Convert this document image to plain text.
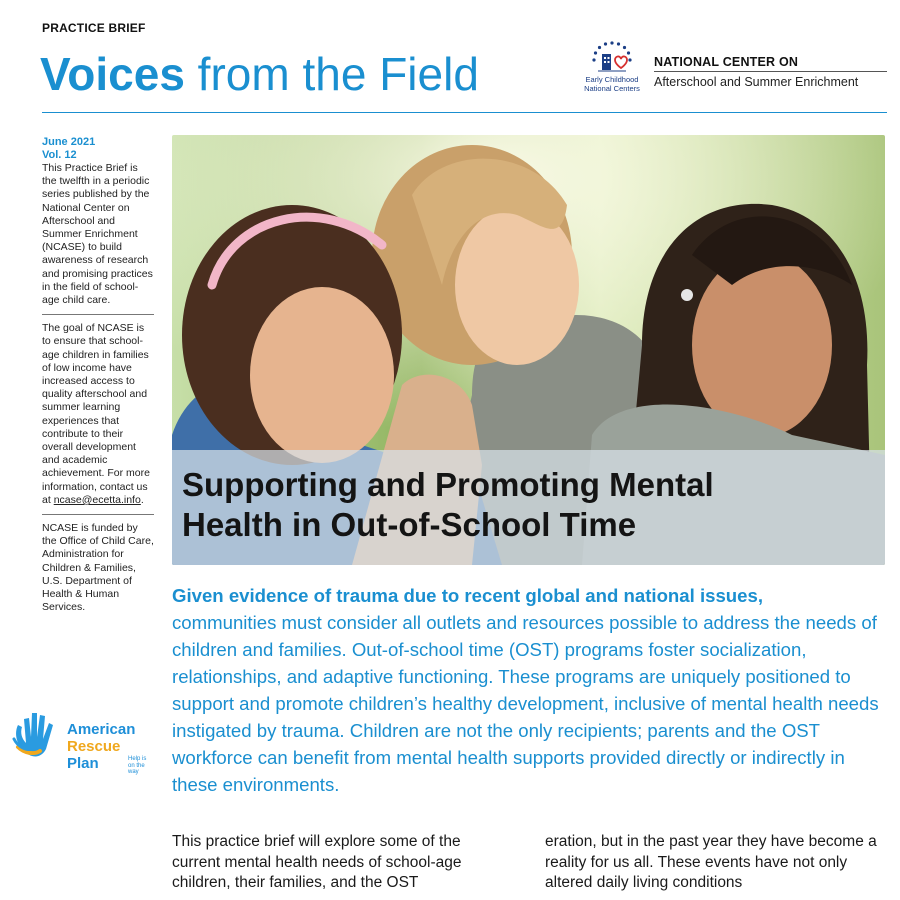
PRACTICE BRIEF
Voices from the Field	Early Childhood
National Centers
NATIONAL CENTER ON
Afterschool and Summer Enrichment
June 2021
Vol. 12

This Practice Brief is the twelfth in a periodic series published by the National Center on Afterschool and Summer Enrichment (NCASE) to build awareness of research and promising practices in the field of school-age child care.

The goal of NCASE is to ensure that school-age children in families of low income have increased access to quality afterschool and summer learning experiences that contribute to their overall development and academic achievement. For more information, contact us at ncase@ecetta.info.

NCASE is funded by the Office of Child Care, Administration for Children & Families, U.S. Department of Health & Human Services.

American
Rescue
Plan	Help is on the way
Supporting and Promoting Mental
Health in Out-of-School Time

Given evidence of trauma due to recent global and national issues,
communities must consider all outlets and resources possible to address the needs of children and families. Out-of-school time (OST) programs foster socialization, relationships, and adaptive functioning. These programs are uniquely positioned to support and promote children’s healthy development, inclusive of mental health needs instigated by trauma. Children are not the only recipients; parents and the OST workforce can benefit from mental health supports provided directly or indirectly in these environments.

This practice brief will explore some of the current mental health needs of school-age children, their families, and the OST

eration, but in the past year they have become a reality for us all. These events have not only altered daily living conditions
